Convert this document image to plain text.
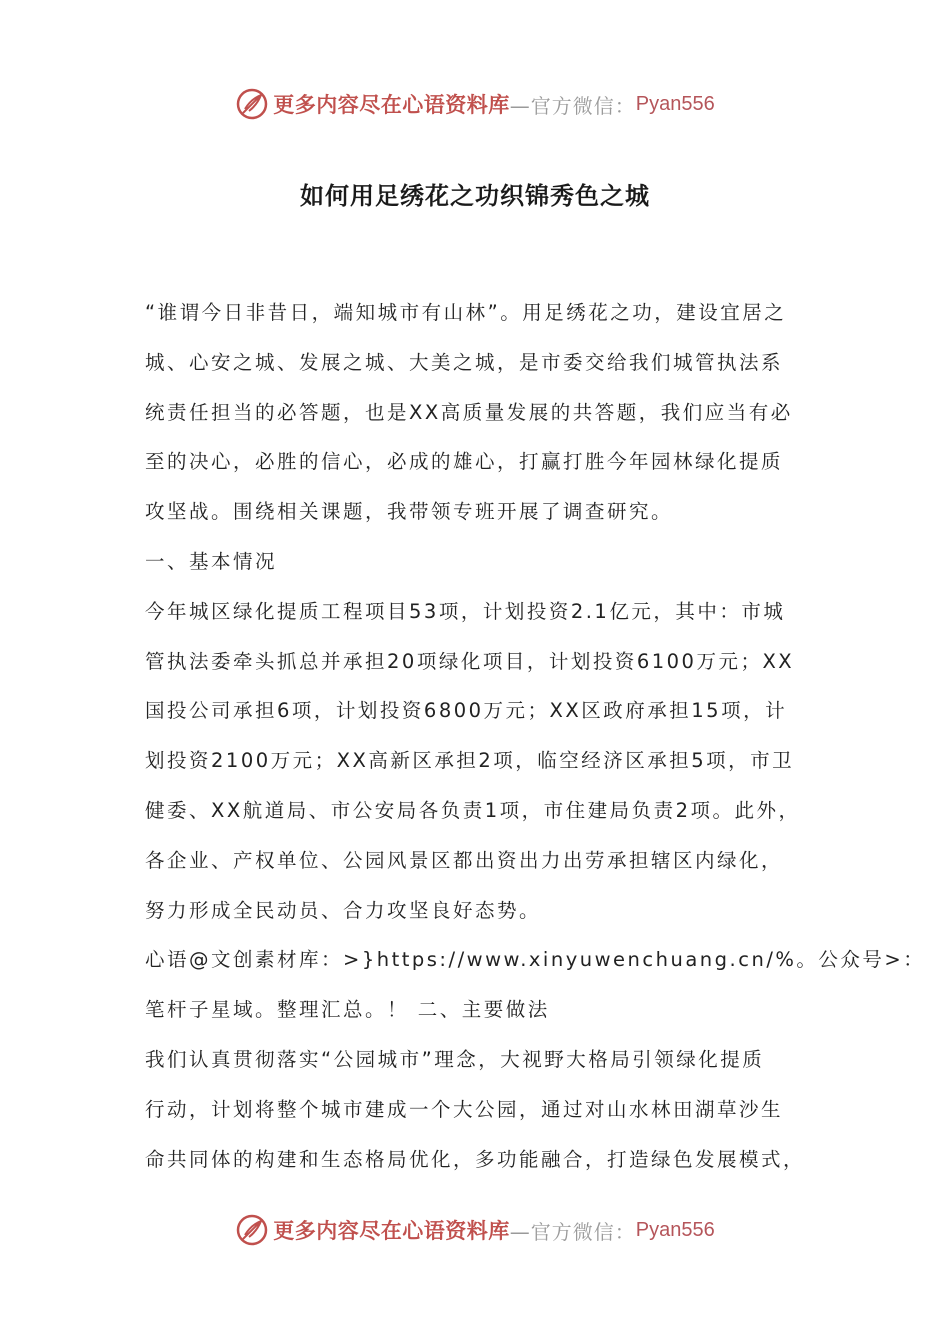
更多内容尽在心语资料库 —官方微信： Pyan556
如何用足绣花之功织锦秀色之城
“谁谓今日非昔日，端知城市有山林”。用足绣花之功，建设宜居之
城、心安之城、发展之城、大美之城，是市委交给我们城管执法系
统责任担当的必答题，也是XX高质量发展的共答题，我们应当有必
至的决心，必胜的信心，必成的雄心，打赢打胜今年园林绿化提质
攻坚战。围绕相关课题，我带领专班开展了调查研究。
一、基本情况
今年城区绿化提质工程项目53项，计划投资2.1亿元，其中：市城
管执法委牵头抓总并承担20项绿化项目，计划投资6100万元；XX
国投公司承担6项，计划投资6800万元；XX区政府承担15项，计
划投资2100万元；XX高新区承担2项，临空经济区承担5项，市卫
健委、XX航道局、市公安局各负责1项，市住建局负责2项。此外，
各企业、产权单位、公园风景区都出资出力出劳承担辖区内绿化，
努力形成全民动员、合力攻坚良好态势。
心语@文创素材库：>}https://www.xinyuwenchuang.cn/%。公众号>：
笔杆子星域。整理汇总。！ 二、主要做法
我们认真贯彻落实“公园城市”理念，大视野大格局引领绿化提质
行动，计划将整个城市建成一个大公园，通过对山水林田湖草沙生
命共同体的构建和生态格局优化，多功能融合，打造绿色发展模式，
更多内容尽在心语资料库 —官方微信： Pyan556
